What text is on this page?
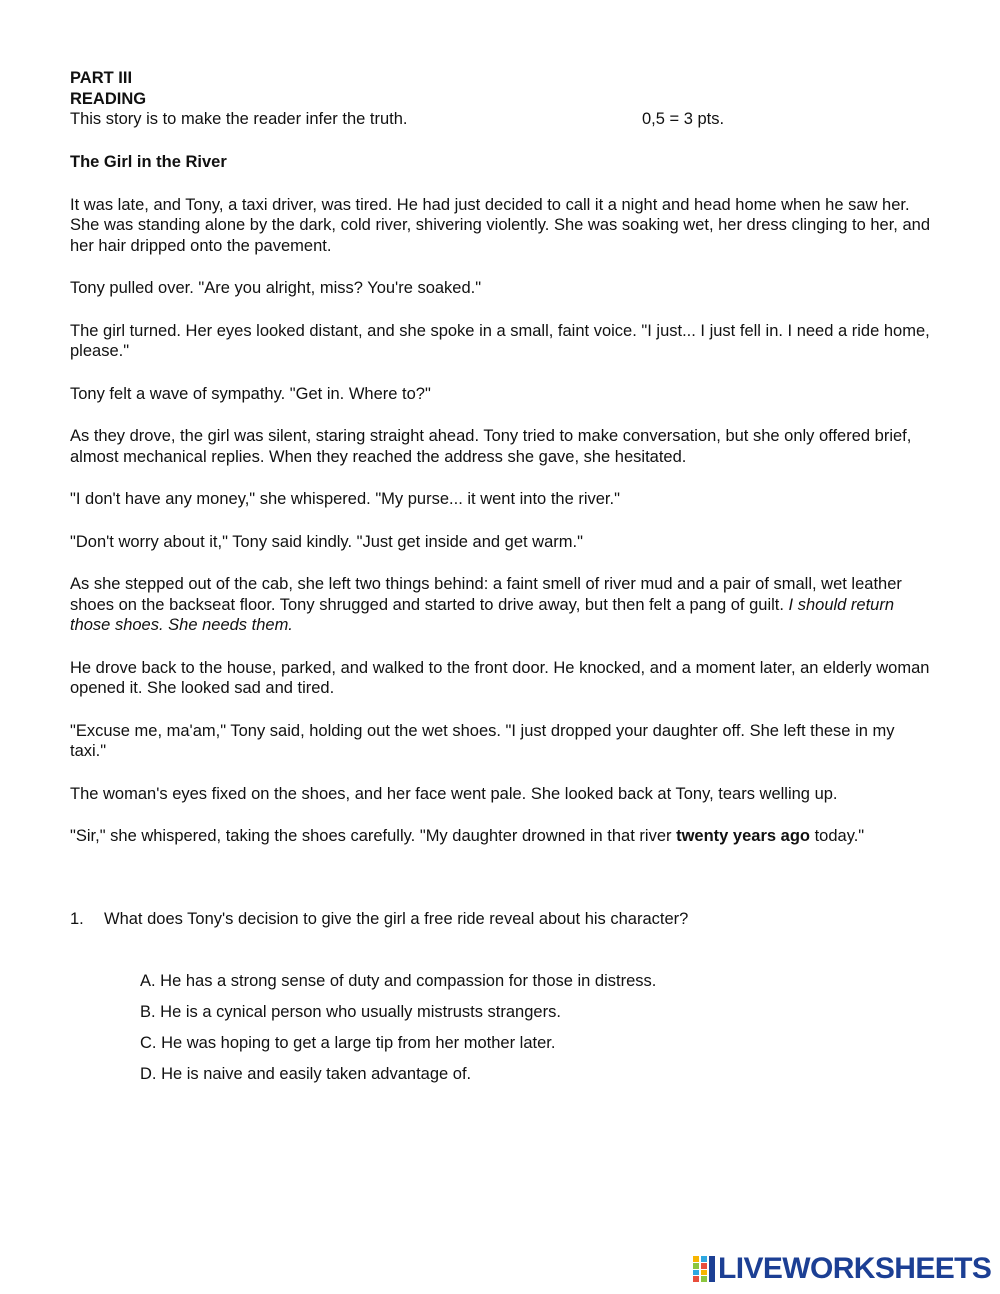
PART III

READING

This story is to make the reader infer the truth.	0,5 = 3 pts.

The Girl in the River

It was late, and Tony, a taxi driver, was tired. He had just decided to call it a night and head home when he saw her. She was standing alone by the dark, cold river, shivering violently. She was soaking wet, her dress clinging to her, and her hair dripped onto the pavement.

Tony pulled over. "Are you alright, miss? You're soaked."

The girl turned. Her eyes looked distant, and she spoke in a small, faint voice. "I just... I just fell in. I need a ride home, please."

Tony felt a wave of sympathy. "Get in. Where to?"

As they drove, the girl was silent, staring straight ahead. Tony tried to make conversation, but she only offered brief, almost mechanical replies. When they reached the address she gave, she hesitated.

"I don't have any money," she whispered. "My purse... it went into the river."

"Don't worry about it," Tony said kindly. "Just get inside and get warm."

As she stepped out of the cab, she left two things behind: a faint smell of river mud and a pair of small, wet leather shoes on the backseat floor. Tony shrugged and started to drive away, but then felt a pang of guilt. I should return those shoes. She needs them.

He drove back to the house, parked, and walked to the front door. He knocked, and a moment later, an elderly woman opened it. She looked sad and tired.

"Excuse me, ma'am," Tony said, holding out the wet shoes. "I just dropped your daughter off. She left these in my taxi."

The woman's eyes fixed on the shoes, and her face went pale. She looked back at Tony, tears welling up.

"Sir," she whispered, taking the shoes carefully. "My daughter drowned in that river twenty years ago today."

1. What does Tony's decision to give the girl a free ride reveal about his character?
A. He has a strong sense of duty and compassion for those in distress.
B. He is a cynical person who usually mistrusts strangers.
C. He was hoping to get a large tip from her mother later.
D. He is naive and easily taken advantage of.
LIVEWORKSHEETS
